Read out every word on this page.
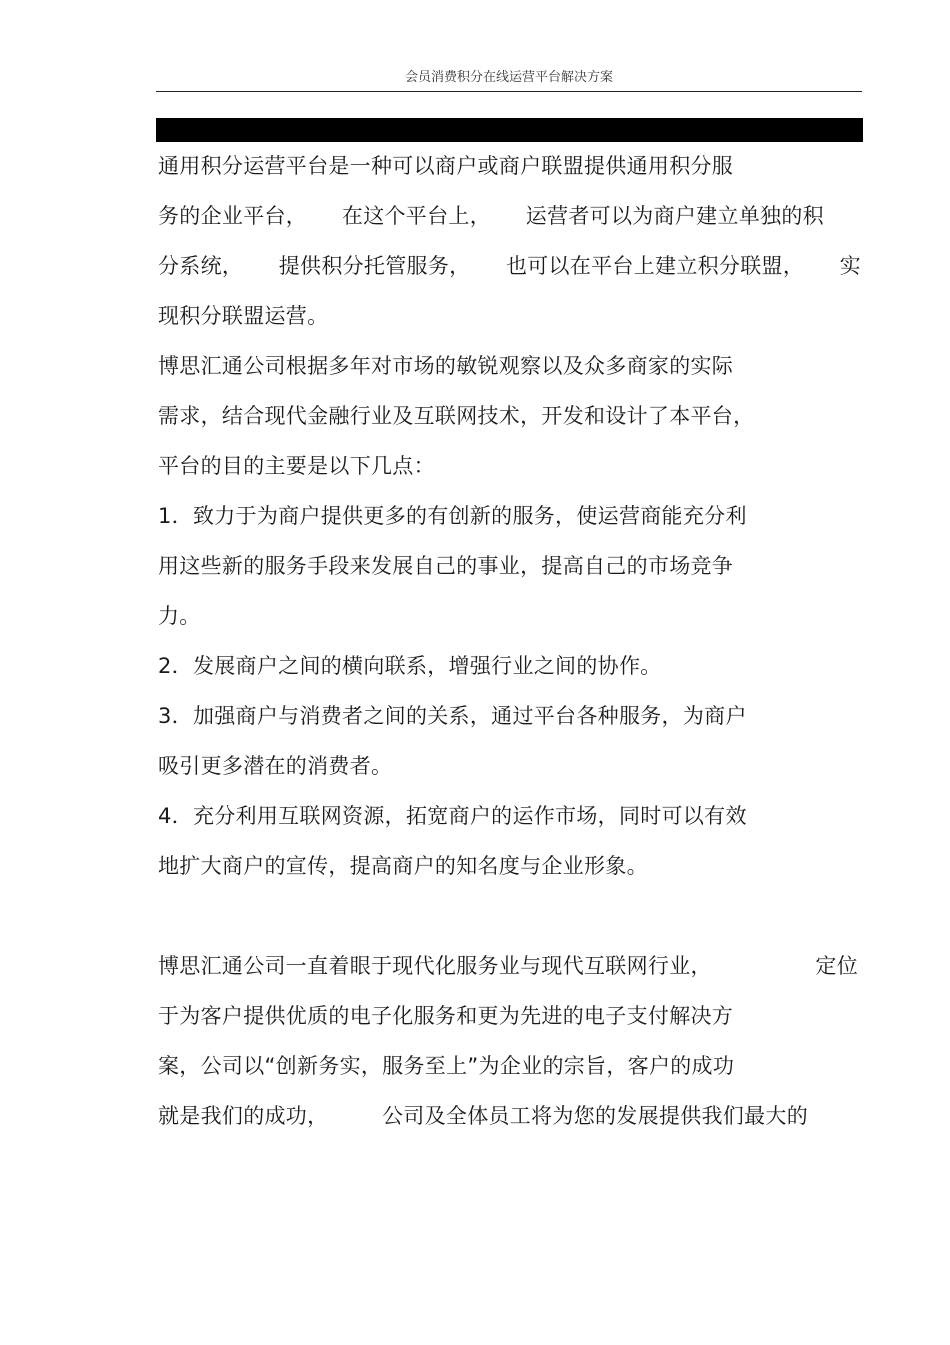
会员消费积分在线运营平台解决方案
通用积分运营平台是一种可以商户或商户联盟提供通用积分服
务的企业平台， 在这个平台上， 运营者可以为商户建立单独的积
分系统， 提供积分托管服务， 也可以在平台上建立积分联盟， 实
现积分联盟运营。
博思汇通公司根据多年对市场的敏锐观察以及众多商家的实际
需求，结合现代金融行业及互联网技术，开发和设计了本平台，
平台的目的主要是以下几点：
1．致力于为商户提供更多的有创新的服务，使运营商能充分利
用这些新的服务手段来发展自己的事业，提高自己的市场竞争
力。
2．发展商户之间的横向联系，增强行业之间的协作。
3．加强商户与消费者之间的关系，通过平台各种服务，为商户
吸引更多潜在的消费者。
4．充分利用互联网资源，拓宽商户的运作市场，同时可以有效
地扩大商户的宣传，提高商户的知名度与企业形象。
博思汇通公司一直着眼于现代化服务业与现代互联网行业，	定位
于为客户提供优质的电子化服务和更为先进的电子支付解决方
案，公司以“创新务实，服务至上”为企业的宗旨，客户的成功
就是我们的成功，	公司及全体员工将为您的发展提供我们最大的
